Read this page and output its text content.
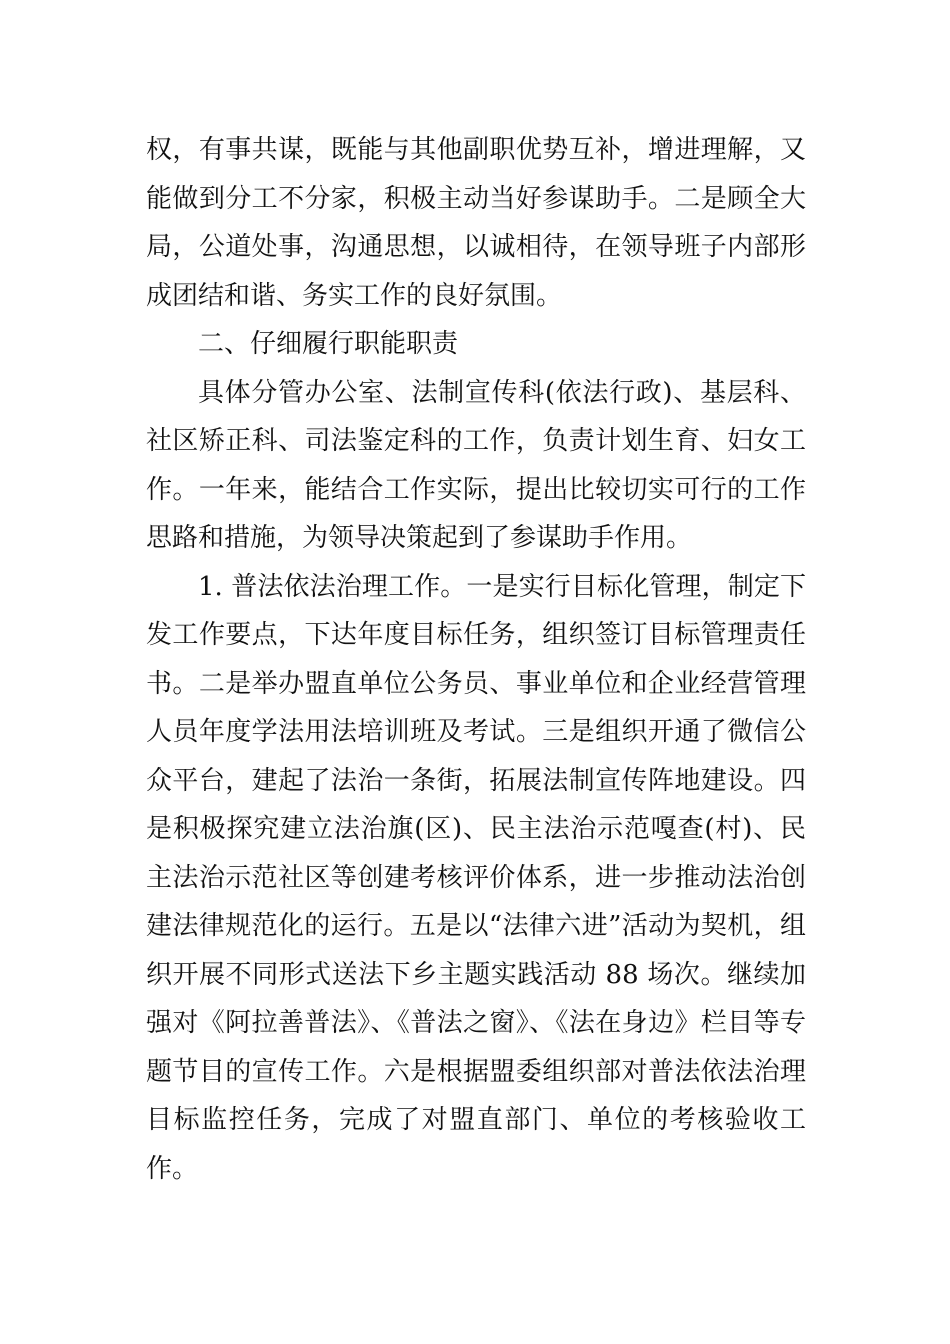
权，有事共谋，既能与其他副职优势互补，增进理解，又能做到分工不分家，积极主动当好参谋助手。二是顾全大局，公道处事，沟通思想，以诚相待，在领导班子内部形成团结和谐、务实工作的良好氛围。

二、仔细履行职能职责

具体分管办公室、法制宣传科(依法行政)、基层科、社区矫正科、司法鉴定科的工作，负责计划生育、妇女工作。一年来，能结合工作实际，提出比较切实可行的工作思路和措施，为领导决策起到了参谋助手作用。

1. 普法依法治理工作。一是实行目标化管理，制定下发工作要点，下达年度目标任务，组织签订目标管理责任书。二是举办盟直单位公务员、事业单位和企业经营管理人员年度学法用法培训班及考试。三是组织开通了微信公众平台，建起了法治一条街，拓展法制宣传阵地建设。四是积极探究建立法治旗(区)、民主法治示范嘎查(村)、民主法治示范社区等创建考核评价体系，进一步推动法治创建法律规范化的运行。五是以“法律六进”活动为契机，组织开展不同形式送法下乡主题实践活动 88 场次。继续加强对《阿拉善普法》、《普法之窗》、《法在身边》栏目等专题节目的宣传工作。六是根据盟委组织部对普法依法治理目标监控任务，完成了对盟直部门、单位的考核验收工作。
